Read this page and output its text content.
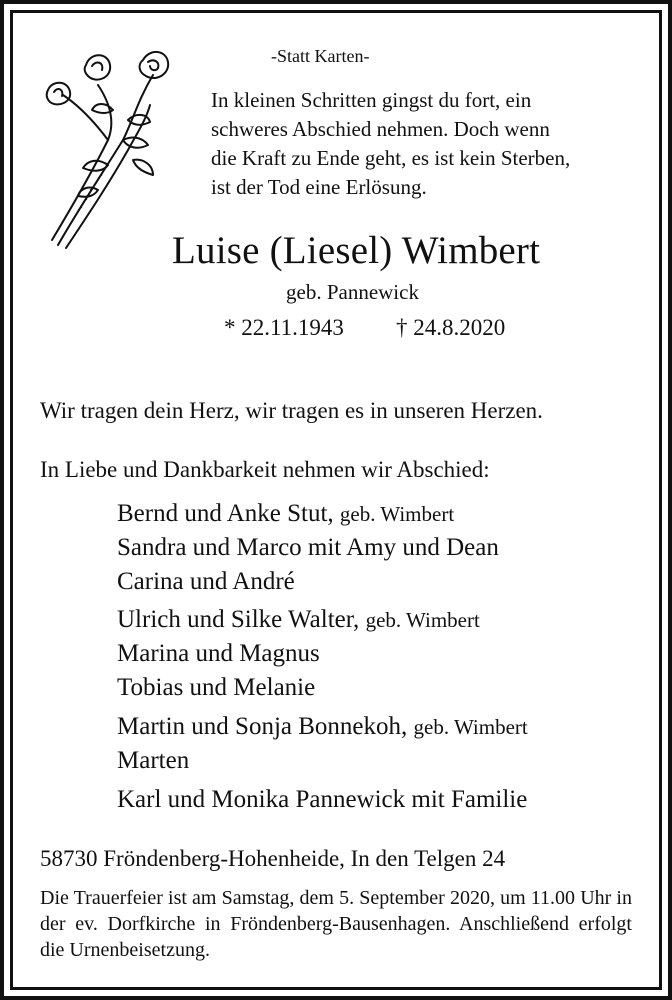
-Statt Karten-
In kleinen Schritten gingst du fort, ein
schweres Abschied nehmen. Doch wenn
die Kraft zu Ende geht, es ist kein Sterben,
ist der Tod eine Erlösung.
Luise (Liesel) Wimbert
geb. Pannewick
* 22.11.1943 † 24.8.2020
Wir tragen dein Herz, wir tragen es in unseren Herzen.
In Liebe und Dankbarkeit nehmen wir Abschied:
Bernd und Anke Stut, geb. Wimbert
Sandra und Marco mit Amy und Dean
Carina und André
Ulrich und Silke Walter, geb. Wimbert
Marina und Magnus
Tobias und Melanie
Martin und Sonja Bonnekoh, geb. Wimbert
Marten
Karl und Monika Pannewick mit Familie
58730 Fröndenberg-Hohenheide, In den Telgen 24
Die Trauerfeier ist am Samstag, dem 5. September 2020, um 11.00 Uhr in der ev. Dorfkirche in Fröndenberg-Bausenhagen. Anschließend erfolgt die Urnenbeisetzung.
